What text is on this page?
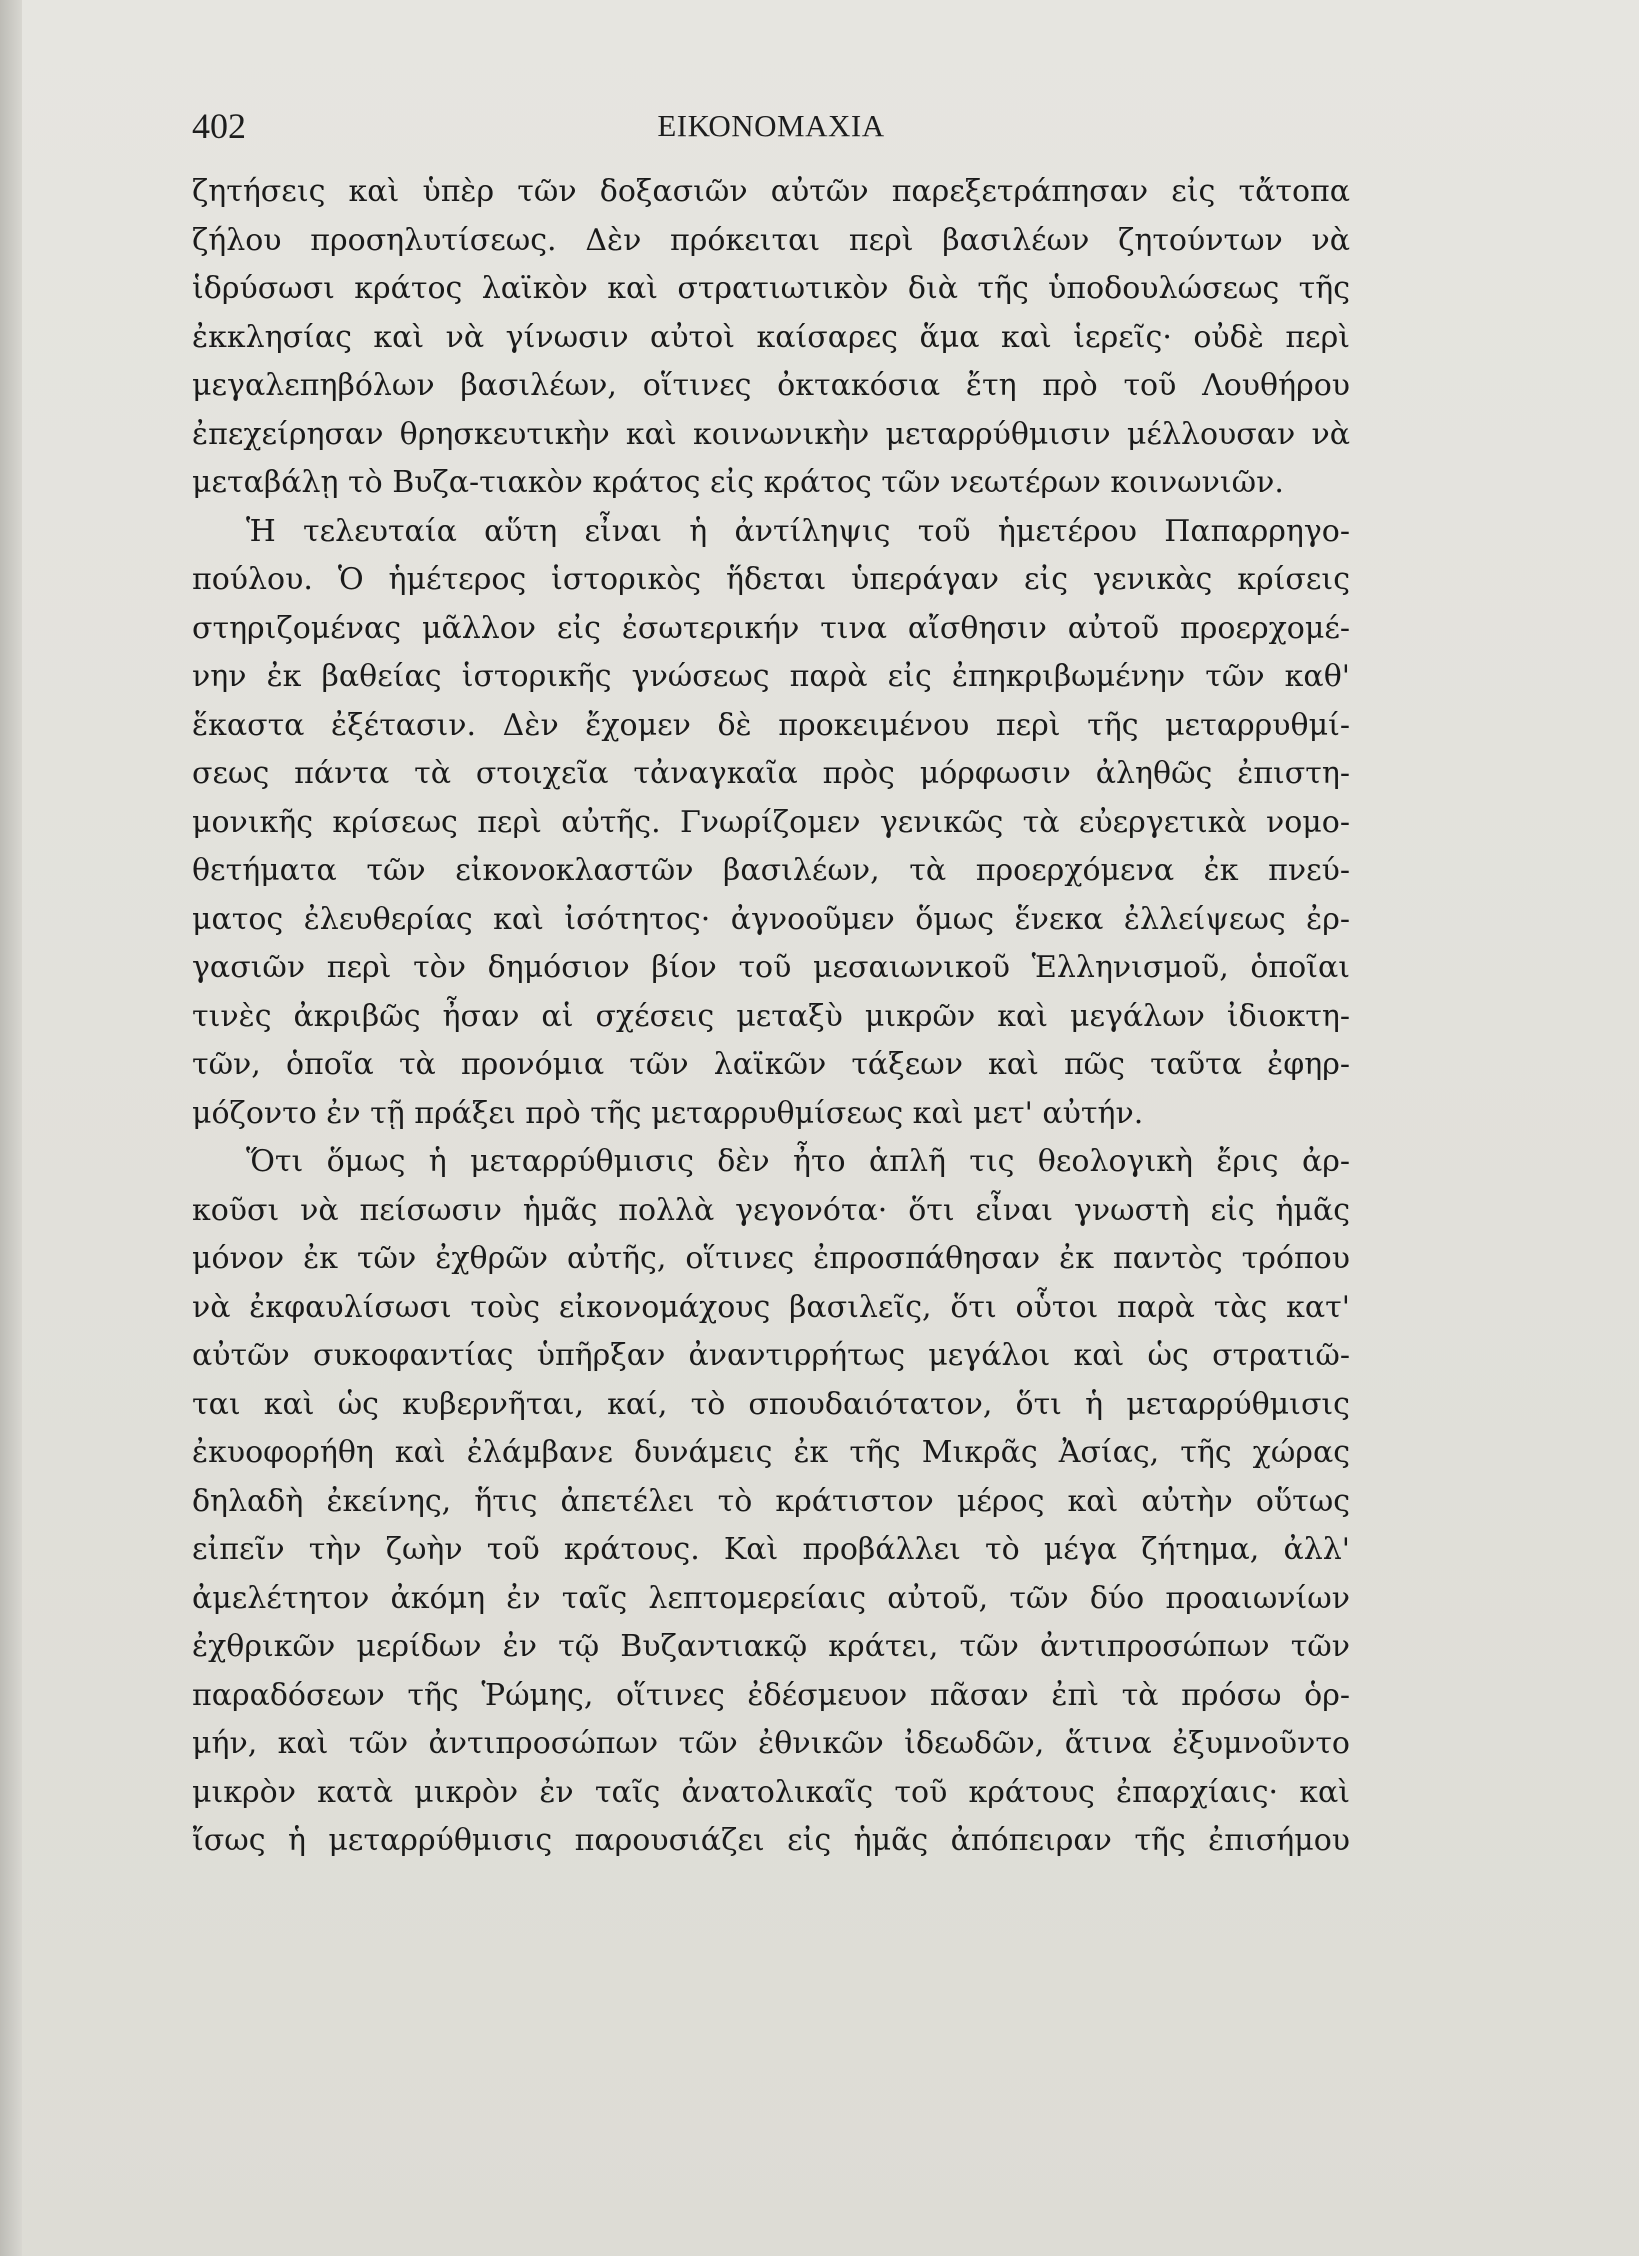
402	ΕΙΚΟΝΟΜΑΧΙΑ
ζητήσεις καὶ ὑπὲρ τῶν δοξασιῶν αὐτῶν παρεξετράπησαν εἰς τἄτοπα
ζήλου προσηλυτίσεως. Δὲν πρόκειται περὶ βασιλέων ζητούντων νὰ
ἱδρύσωσι κράτος λαϊκὸν καὶ στρατιωτικὸν διὰ τῆς ὑποδουλώσεως τῆς
ἐκκλησίας καὶ νὰ γίνωσιν αὐτοὶ καίσαρες ἅμα καὶ ἱερεῖς· οὐδὲ περὶ
μεγαλεπηβόλων βασιλέων, οἵτινες ὀκτακόσια ἔτη πρὸ τοῦ Λουθήρου
ἐπεχείρησαν θρησκευτικὴν καὶ κοινωνικὴν μεταρρύθμισιν μέλλουσαν νὰ
μεταβάλῃ τὸ Βυζα-τιακὸν κράτος εἰς κράτος τῶν νεωτέρων κοινωνιῶν.
Ἡ τελευταία αὕτη εἶναι ἡ ἀντίληψις τοῦ ἡμετέρου Παπαρρηγο-
πούλου. Ὁ ἡμέτερος ἱστορικὸς ἥδεται ὑπεράγαν εἰς γενικὰς κρίσεις
στηριζομένας μᾶλλον εἰς ἐσωτερικήν τινα αἴσθησιν αὐτοῦ προερχομέ-
νην ἐκ βαθείας ἱστορικῆς γνώσεως παρὰ εἰς ἐπηκριβωμένην τῶν καθ'
ἕκαστα ἐξέτασιν. Δὲν ἔχομεν δὲ προκειμένου περὶ τῆς μεταρρυθμί-
σεως πάντα τὰ στοιχεῖα τἀναγκαῖα πρὸς μόρφωσιν ἀληθῶς ἐπιστη-
μονικῆς κρίσεως περὶ αὐτῆς. Γνωρίζομεν γενικῶς τὰ εὐεργετικὰ νομο-
θετήματα τῶν εἰκονοκλαστῶν βασιλέων, τὰ προερχόμενα ἐκ πνεύ-
ματος ἐλευθερίας καὶ ἰσότητος· ἀγνοοῦμεν ὅμως ἕνεκα ἐλλείψεως ἐρ-
γασιῶν περὶ τὸν δημόσιον βίον τοῦ μεσαιωνικοῦ Ἑλληνισμοῦ, ὁποῖαι
τινὲς ἀκριβῶς ἦσαν αἱ σχέσεις μεταξὺ μικρῶν καὶ μεγάλων ἰδιοκτη-
τῶν, ὁποῖα τὰ προνόμια τῶν λαϊκῶν τάξεων καὶ πῶς ταῦτα ἐφηρ-
μόζοντο ἐν τῇ πράξει πρὸ τῆς μεταρρυθμίσεως καὶ μετ' αὐτήν.
Ὅτι ὅμως ἡ μεταρρύθμισις δὲν ἦτο ἁπλῆ τις θεολογικὴ ἔρις ἀρ-
κοῦσι νὰ πείσωσιν ἡμᾶς πολλὰ γεγονότα· ὅτι εἶναι γνωστὴ εἰς ἡμᾶς
μόνον ἐκ τῶν ἐχθρῶν αὐτῆς, οἵτινες ἐπροσπάθησαν ἐκ παντὸς τρόπου
νὰ ἐκφαυλίσωσι τοὺς εἰκονομάχους βασιλεῖς, ὅτι οὗτοι παρὰ τὰς κατ'
αὐτῶν συκοφαντίας ὑπῆρξαν ἀναντιρρήτως μεγάλοι καὶ ὡς στρατιῶ-
ται καὶ ὡς κυβερνῆται, καί, τὸ σπουδαιότατον, ὅτι ἡ μεταρρύθμισις
ἐκυοφορήθη καὶ ἐλάμβανε δυνάμεις ἐκ τῆς Μικρᾶς Ἀσίας, τῆς χώρας
δηλαδὴ ἐκείνης, ἥτις ἀπετέλει τὸ κράτιστον μέρος καὶ αὐτὴν οὕτως
εἰπεῖν τὴν ζωὴν τοῦ κράτους. Καὶ προβάλλει τὸ μέγα ζήτημα, ἀλλ'
ἀμελέτητον ἀκόμη ἐν ταῖς λεπτομερείαις αὐτοῦ, τῶν δύο προαιωνίων
ἐχθρικῶν μερίδων ἐν τῷ Βυζαντιακῷ κράτει, τῶν ἀντιπροσώπων τῶν
παραδόσεων τῆς Ῥώμης, οἵτινες ἐδέσμευον πᾶσαν ἐπὶ τὰ πρόσω ὁρ-
μήν, καὶ τῶν ἀντιπροσώπων τῶν ἐθνικῶν ἰδεωδῶν, ἅτινα ἐξυμνοῦντο
μικρὸν κατὰ μικρὸν ἐν ταῖς ἀνατολικαῖς τοῦ κράτους ἐπαρχίαις· καὶ
ἴσως ἡ μεταρρύθμισις παρουσιάζει εἰς ἡμᾶς ἀπόπειραν τῆς ἐπισήμου
